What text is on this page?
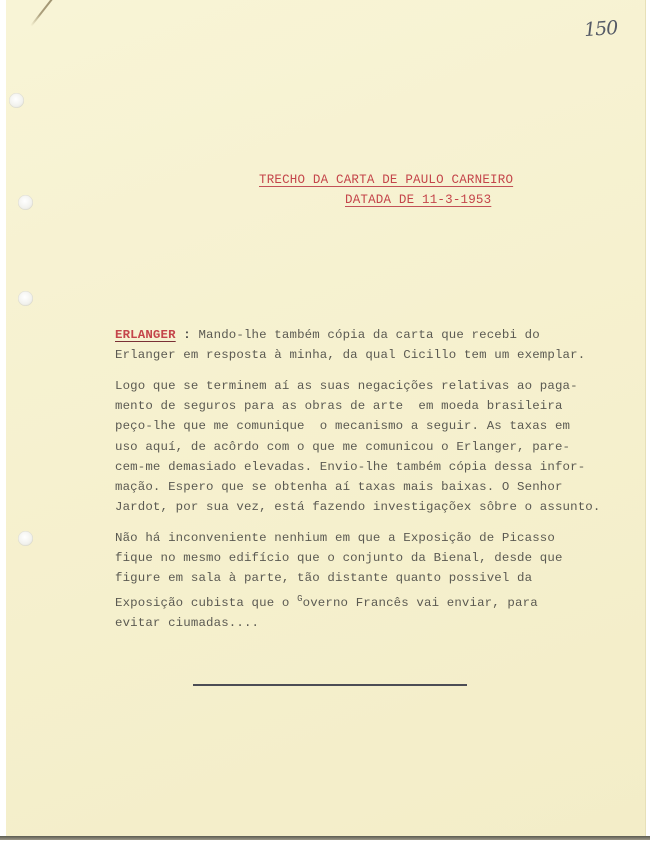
150
TRECHO DA CARTA DE PAULO CARNEIRO
DATADA DE 11-3-1953
ERLANGER : Mando-lhe também cópia da carta que recebi do
Erlanger em resposta à minha, da qual Cicillo tem um exemplar.
Logo que se terminem aí as suas negacições relativas ao paga-
mento de seguros para as obras de arte  em moeda brasileira
peço-lhe que me comunique  o mecanismo a seguir. As taxas em
uso aquí, de acôrdo com o que me comunicou o Erlanger, pare-
cem-me demasiado elevadas. Envio-lhe também cópia dessa infor-
mação. Espero que se obtenha aí taxas mais baixas. O Senhor
Jardot, por sua vez, está fazendo investigaçõex sôbre o assunto.
Não há inconveniente nenhium em que a Exposição de Picasso
fique no mesmo edifício que o conjunto da Bienal, desde que
figure em sala à parte, tão distante quanto possivel da
Exposição cubista que o $^G$overno Francês vai enviar, para
evitar ciumadas....
